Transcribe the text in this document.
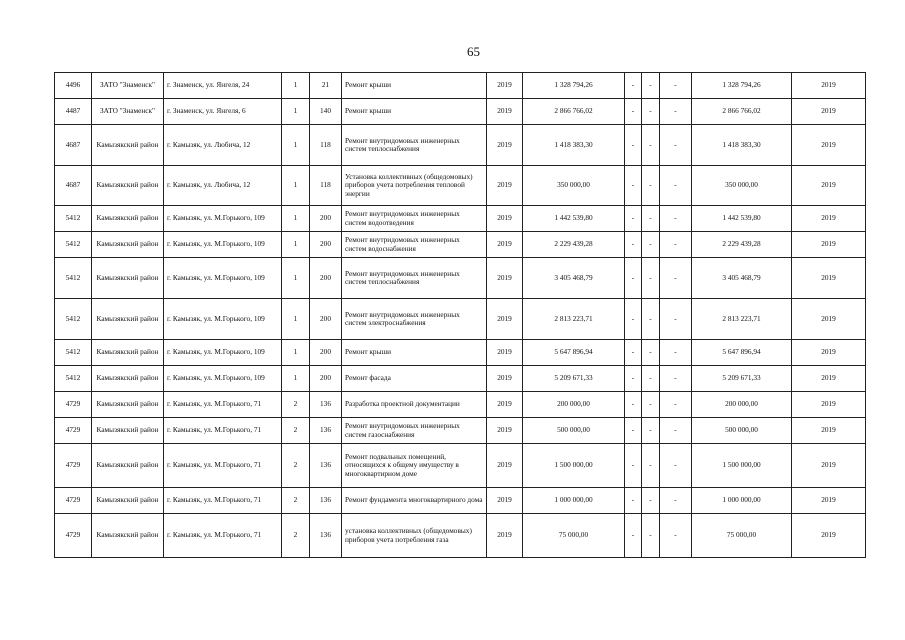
65
4496	ЗАТО "Знаменск"	г. Знаменск, ул. Янгеля, 24	1	21	Ремонт крыши	2019	1 328 794,26	-	-	-	1 328 794,26	2019
4487	ЗАТО "Знаменск"	г. Знаменск, ул. Янгеля, 6	1	140	Ремонт крыши	2019	2 866 766,02	-	-	-	2 866 766,02	2019
4687	Камызякский район	г. Камызяк, ул. Любича, 12	1	118	Ремонт внутридомовых инженерных систем теплоснабжения	2019	1 418 383,30	-	-	-	1 418 383,30	2019
4687	Камызякский район	г. Камызяк, ул. Любича, 12	1	118	Установка коллективных (общедомовых) приборов учета потребления тепловой энергии	2019	350 000,00	-	-	-	350 000,00	2019
5412	Камызякский район	г. Камызяк, ул. М.Горького, 109	1	200	Ремонт внутридомовых инженерных систем водоотведения	2019	1 442 539,80	-	-	-	1 442 539,80	2019
5412	Камызякский район	г. Камызяк, ул. М.Горького, 109	1	200	Ремонт внутридомовых инженерных систем водоснабжения	2019	2 229 439,28	-	-	-	2 229 439,28	2019
5412	Камызякский район	г. Камызяк, ул. М.Горького, 109	1	200	Ремонт внутридомовых инженерных систем теплоснабжения	2019	3 405 468,79	-	-	-	3 405 468,79	2019
5412	Камызякский район	г. Камызяк, ул. М.Горького, 109	1	200	Ремонт внутридомовых инженерных систем электроснабжения	2019	2 813 223,71	-	-	-	2 813 223,71	2019
5412	Камызякский район	г. Камызяк, ул. М.Горького, 109	1	200	Ремонт крыши	2019	5 647 896,94	-	-	-	5 647 896,94	2019
5412	Камызякский район	г. Камызяк, ул. М.Горького, 109	1	200	Ремонт фасада	2019	5 209 671,33	-	-	-	5 209 671,33	2019
4729	Камызякский район	г. Камызяк, ул. М.Горького, 71	2	136	Разработка проектной документации	2019	200 000,00	-	-	-	200 000,00	2019
4729	Камызякский район	г. Камызяк, ул. М.Горького, 71	2	136	Ремонт внутридомовых инженерных систем газоснабжения	2019	500 000,00	-	-	-	500 000,00	2019
4729	Камызякский район	г. Камызяк, ул. М.Горького, 71	2	136	Ремонт подвальных помещений, относящихся к общему имуществу в многоквартирном доме	2019	1 500 000,00	-	-	-	1 500 000,00	2019
4729	Камызякский район	г. Камызяк, ул. М.Горького, 71	2	136	Ремонт фундамента многоквартирного дома	2019	1 000 000,00	-	-	-	1 000 000,00	2019
4729	Камызякский район	г. Камызяк, ул. М.Горького, 71	2	136	установка коллективных (общедомовых) приборов учета потребления газа	2019	75 000,00	-	-	-	75 000,00	2019
